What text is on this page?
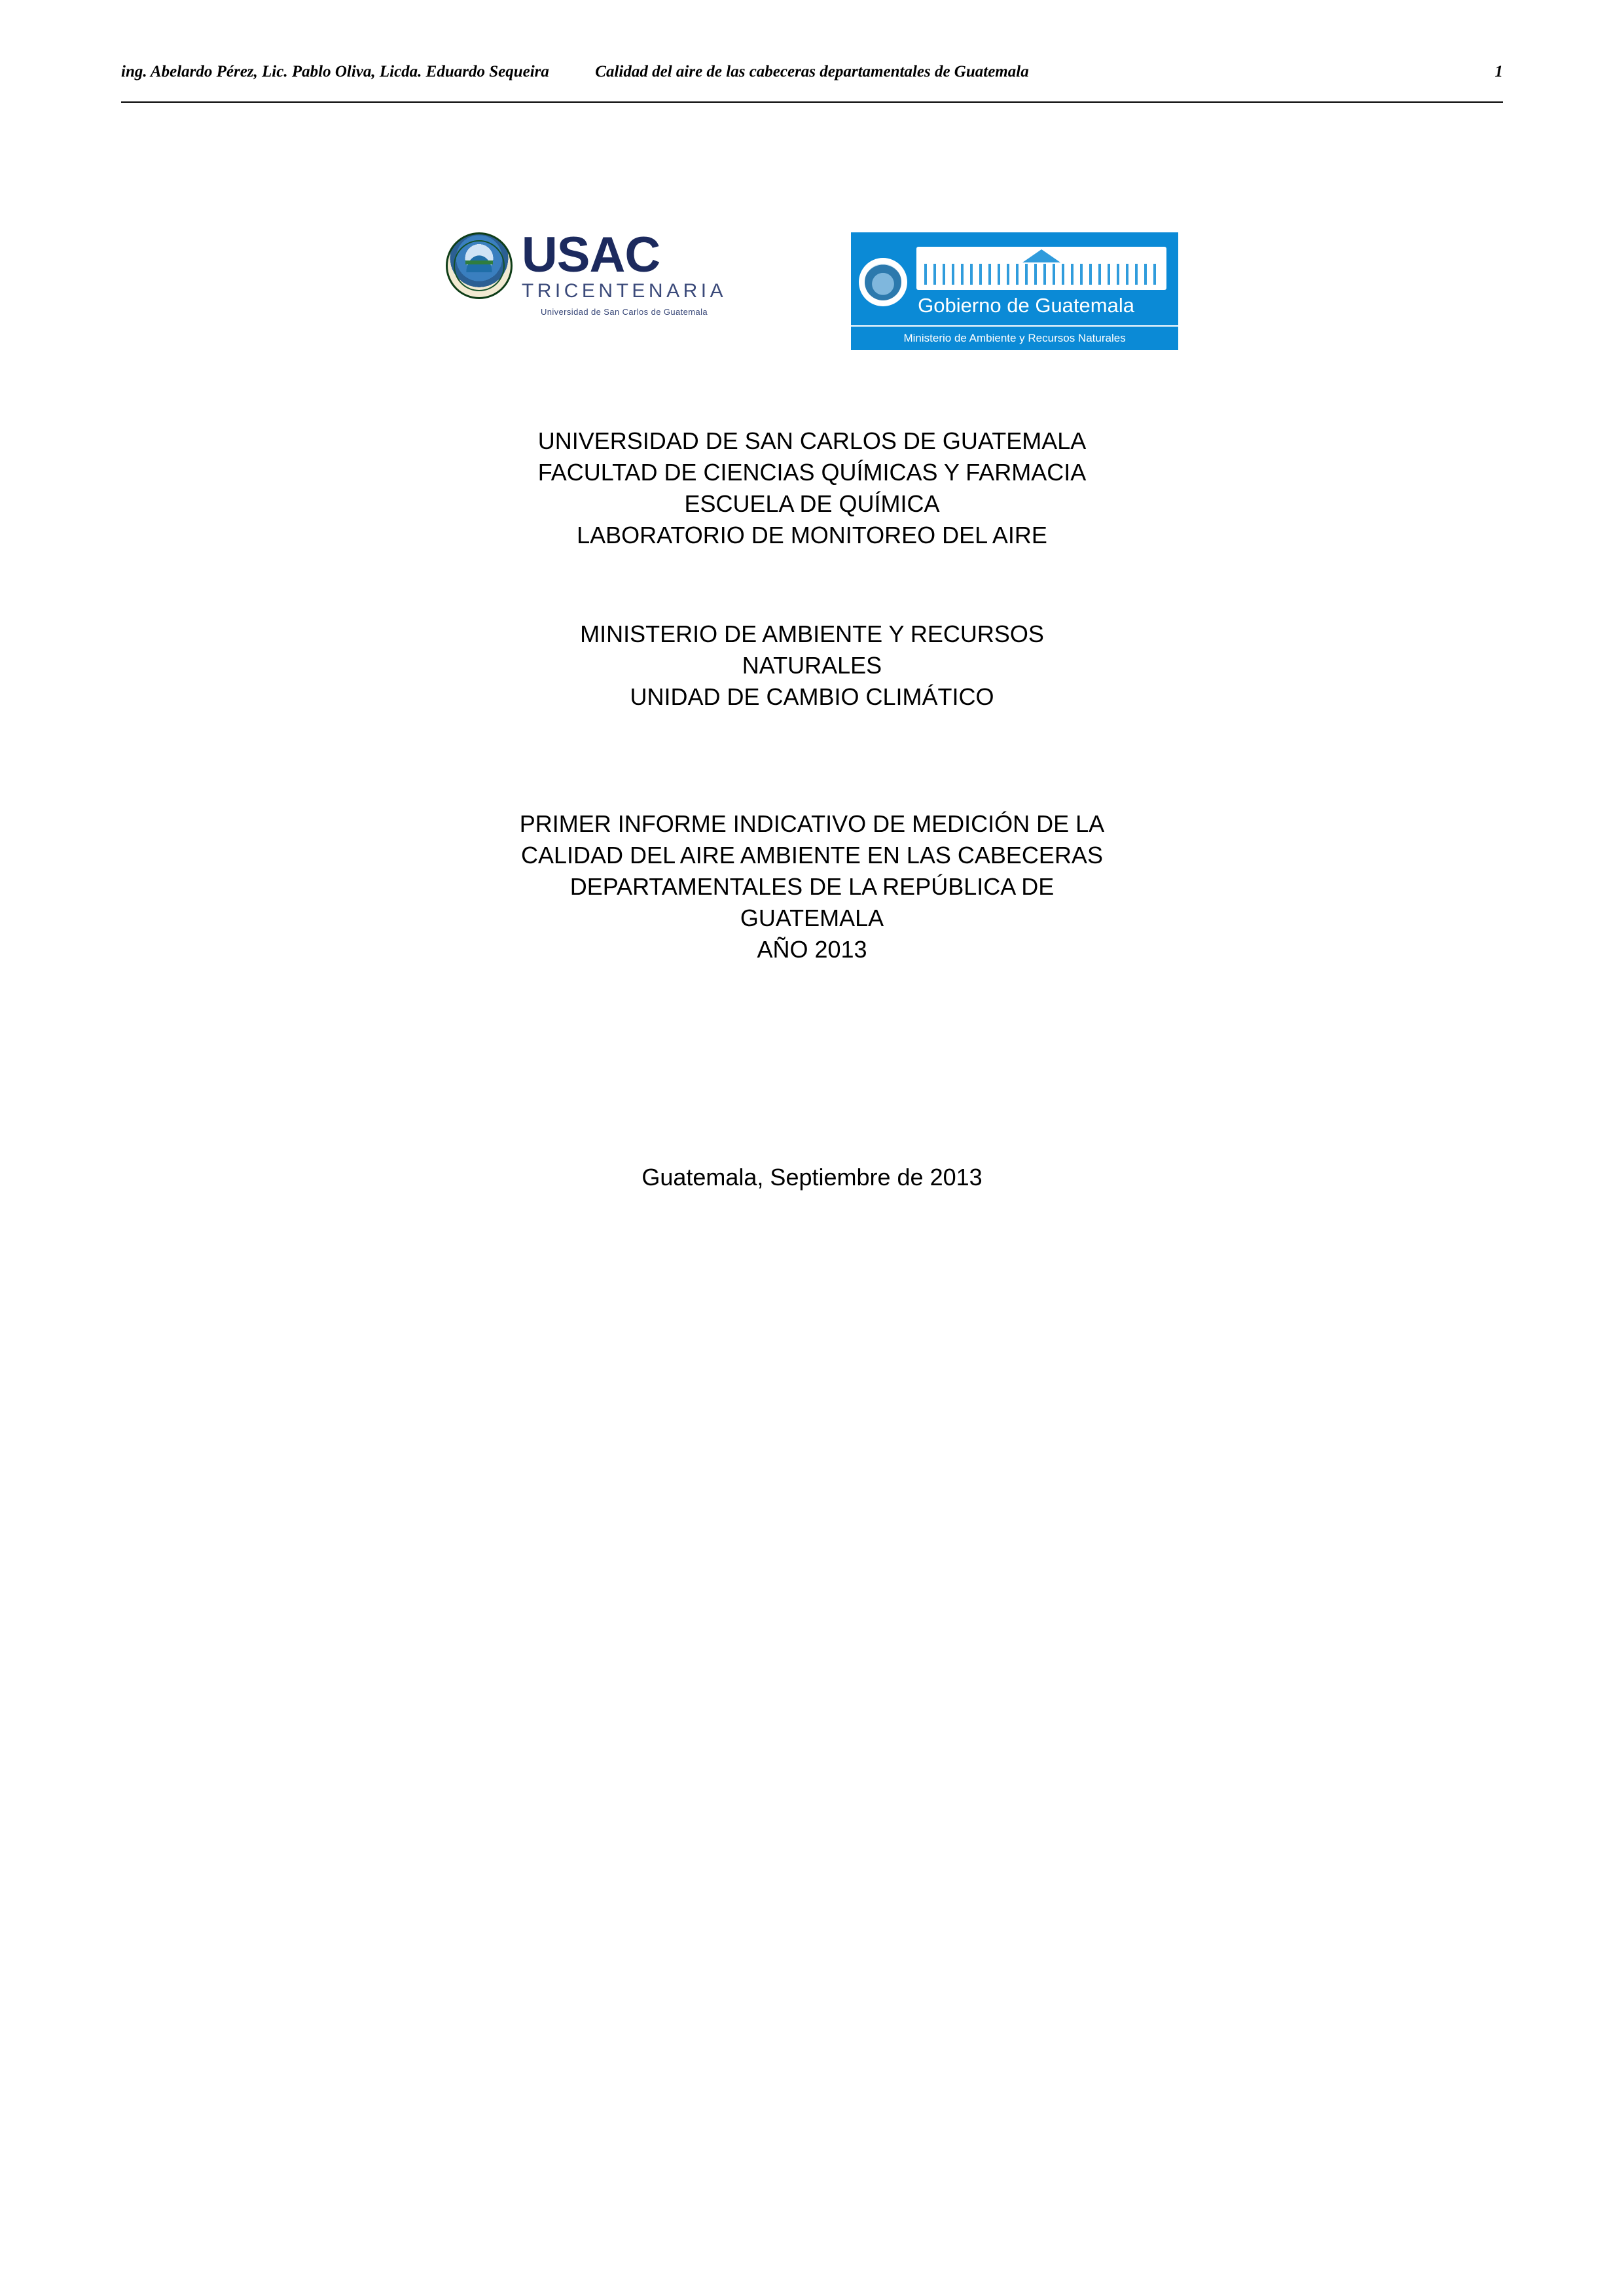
ing. Abelardo Pérez, Lic. Pablo Oliva, Licda. Eduardo Sequeira	Calidad del aire de las cabeceras departamentales de Guatemala	1
USAC
TRICENTENARIA
Universidad de San Carlos de Guatemala	Gobierno de Guatemala
Ministerio de Ambiente y Recursos Naturales
UNIVERSIDAD DE SAN CARLOS DE GUATEMALA
FACULTAD DE CIENCIAS QUÍMICAS Y FARMACIA
ESCUELA DE QUÍMICA
LABORATORIO DE MONITOREO DEL AIRE
MINISTERIO DE AMBIENTE Y RECURSOS
NATURALES
UNIDAD DE CAMBIO CLIMÁTICO
PRIMER INFORME INDICATIVO DE MEDICIÓN DE LA
CALIDAD DEL AIRE AMBIENTE EN LAS CABECERAS
DEPARTAMENTALES DE LA REPÚBLICA DE
GUATEMALA
AÑO 2013
Guatemala, Septiembre de 2013
